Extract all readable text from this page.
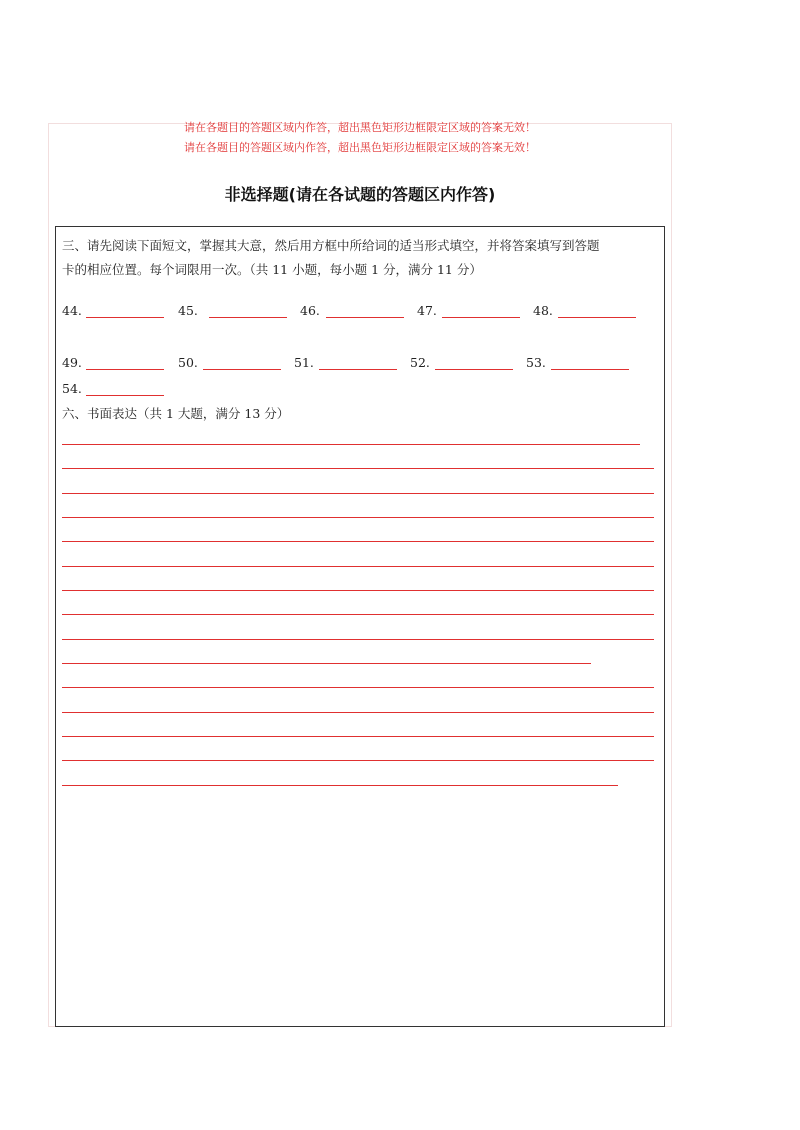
请在各题目的答题区域内作答，超出黑色矩形边框限定区域的答案无效！
请在各题目的答题区域内作答，超出黑色矩形边框限定区域的答案无效！
非选择题(请在各试题的答题区内作答)
三、请先阅读下面短文，掌握其大意，然后用方框中所给词的适当形式填空，并将答案填写到答题
卡的相应位置。每个词限用一次。（共 11 小题，每小题 1 分，满分 11 分）
44.	45.	46.	47.	48.
49.	50.	51.	52.	53.
54.
六、书面表达（共 1 大题，满分 13 分）
